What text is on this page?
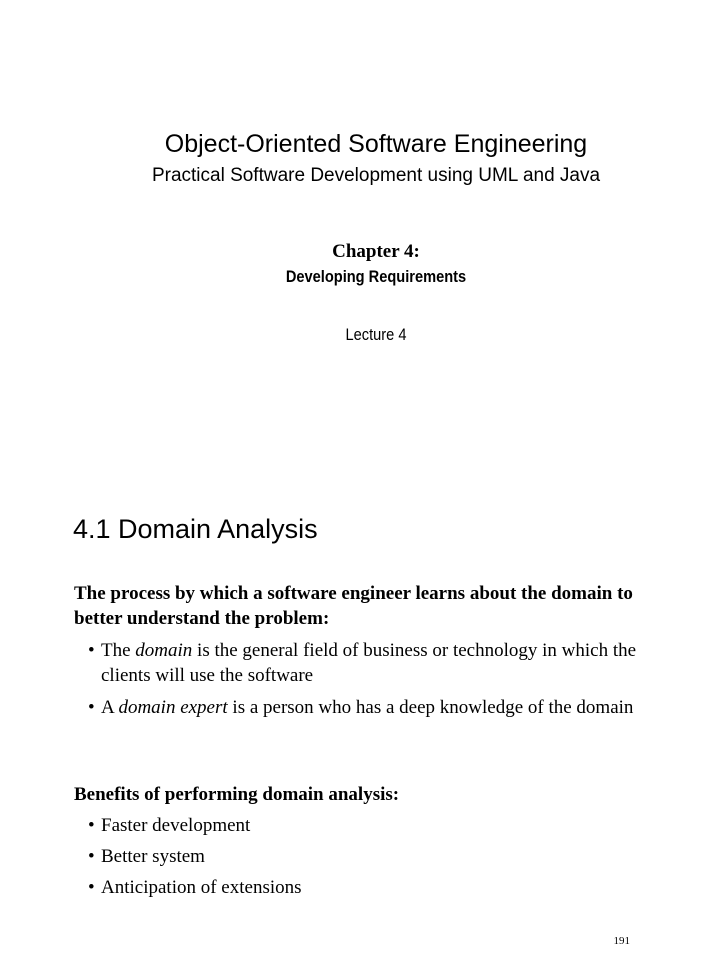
Object-Oriented Software Engineering
Practical Software Development using UML and Java
Chapter 4:
Developing Requirements
Lecture 4
4.1 Domain Analysis
The process by which a software engineer learns about the domain to better understand the problem:
• The domain is the general field of business or technology in which the clients will use the software
• A domain expert is a person who has a deep knowledge of the domain
Benefits of performing domain analysis:
• Faster development
• Better system
• Anticipation of extensions
191
